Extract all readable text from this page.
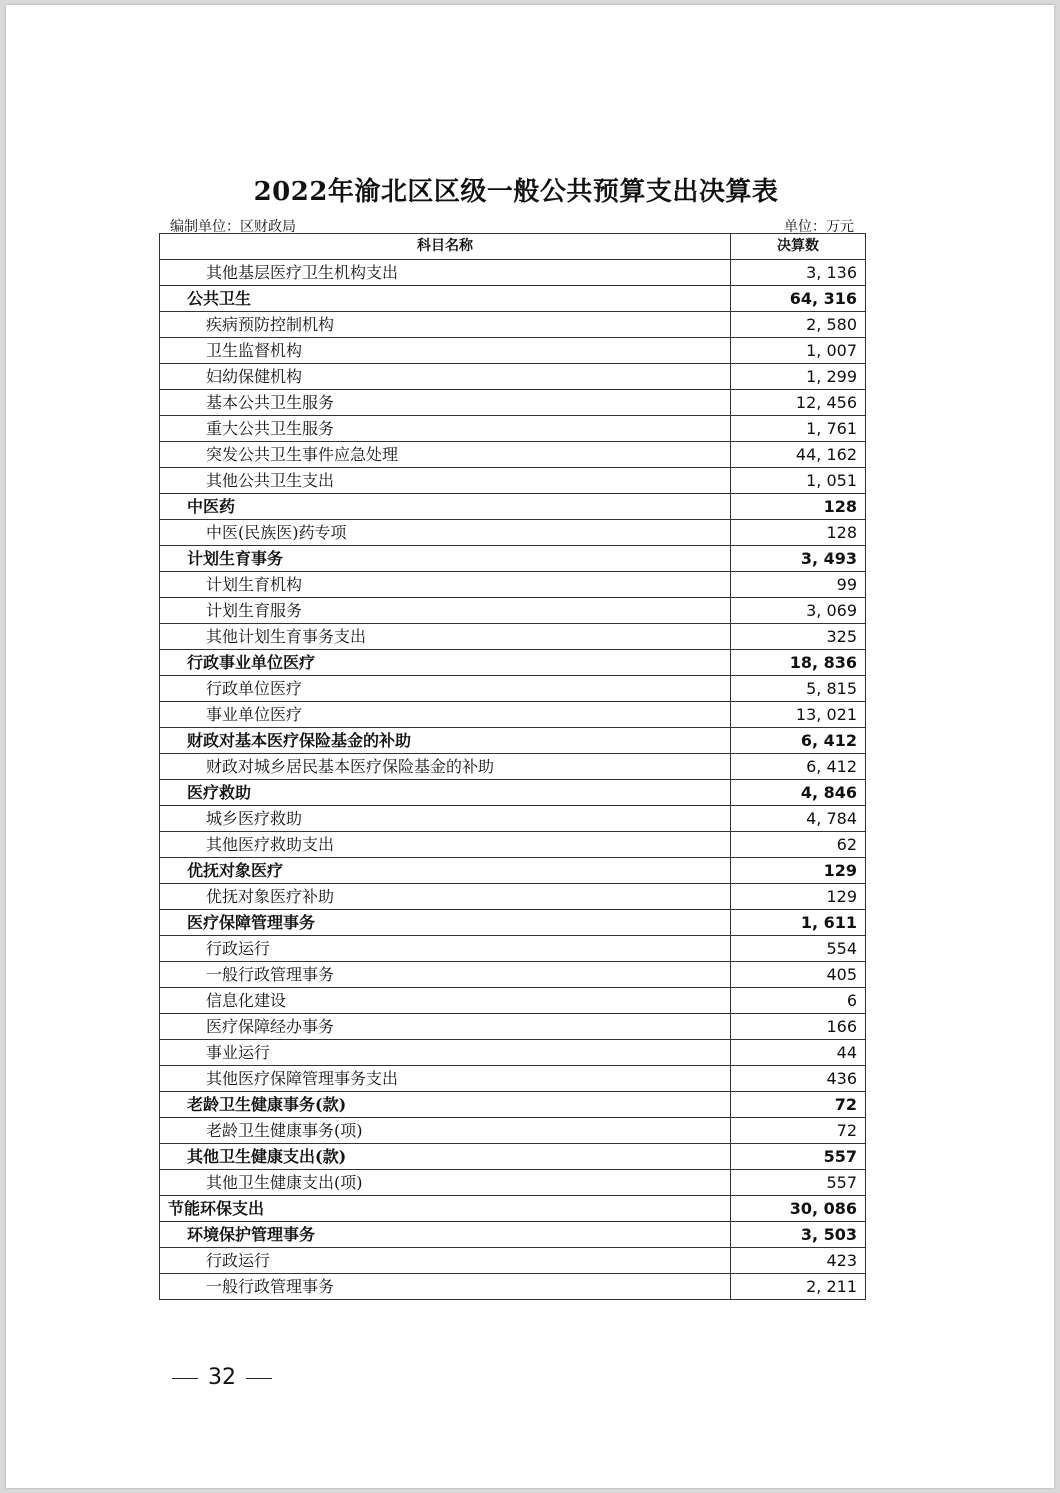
2022年渝北区区级一般公共预算支出决算表
编制单位：区财政局	单位：万元
科目名称	决算数
其他基层医疗卫生机构支出	3, 136
公共卫生	64, 316
疾病预防控制机构	2, 580
卫生监督机构	1, 007
妇幼保健机构	1, 299
基本公共卫生服务	12, 456
重大公共卫生服务	1, 761
突发公共卫生事件应急处理	44, 162
其他公共卫生支出	1, 051
中医药	128
中医(民族医)药专项	128
计划生育事务	3, 493
计划生育机构	99
计划生育服务	3, 069
其他计划生育事务支出	325
行政事业单位医疗	18, 836
行政单位医疗	5, 815
事业单位医疗	13, 021
财政对基本医疗保险基金的补助	6, 412
财政对城乡居民基本医疗保险基金的补助	6, 412
医疗救助	4, 846
城乡医疗救助	4, 784
其他医疗救助支出	62
优抚对象医疗	129
优抚对象医疗补助	129
医疗保障管理事务	1, 611
行政运行	554
一般行政管理事务	405
信息化建设	6
医疗保障经办事务	166
事业运行	44
其他医疗保障管理事务支出	436
老龄卫生健康事务(款)	72
老龄卫生健康事务(项)	72
其他卫生健康支出(款)	557
其他卫生健康支出(项)	557
节能环保支出	30, 086
环境保护管理事务	3, 503
行政运行	423
一般行政管理事务	2, 211
32
